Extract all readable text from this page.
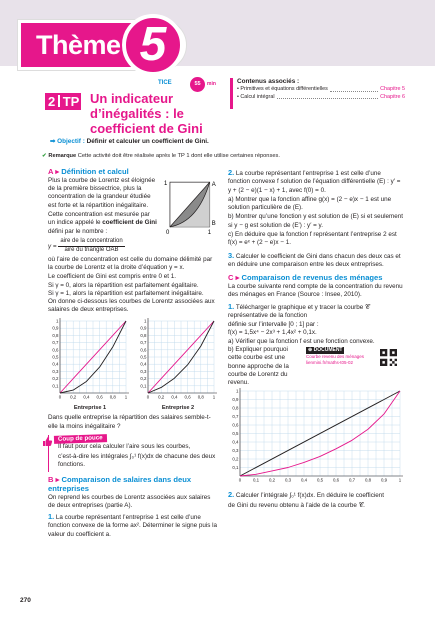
Thème 5
TICE	55	min
2 TP Un indicateur d’inégalités : le coefficient de Gini
Contenus associés :
• Primitives et équations différentielles	Chapitre 5
• Calcul intégral	Chapitre 6
➡ Objectif : Définir et calculer un coefficient de Gini.
✔ Remarque Cette activité doit être réalisée après le TP 1 dont elle utilise certaines réponses.
A ▸ Définition et calcul

Plus la courbe de Lorentz est éloignée de la première bissectrice, plus la concentration de la grandeur étudiée est forte et la répartition inégalitaire.

Cette concentration est mesurée par un indice appelé le coefficient de Gini défini par le nombre :

A
B
0	1
1

$\gamma = \frac{\text{aire de la concentration}}{\text{aire du triangle OAB}}$

où l’aire de concentration est celle du domaine délimité par la courbe de Lorentz et la droite d’équation y = x.

Le coefficient de Gini est compris entre 0 et 1.

Si γ = 0, alors la répartition est parfaitement égalitaire.

Si γ = 1, alors la répartition est parfaitement inégalitaire.

On donne ci-dessous les courbes de Lorentz associées aux salaires de deux entreprises.

0 0,2 0,4 0,6 0,8 1
0,1
0,2
0,3
0,4
0,5
0,6
0,7
0,8
0,9
1
Entreprise 1
0 0,2 0,4 0,6 0,8 1
0,1
0,2
0,3
0,4
0,5
0,6
0,7
0,8
0,9
1
Entreprise 2

Dans quelle entreprise la répartition des salaires semble-t-elle la moins inégalitaire ?

Coup de pouce

Il faut pour cela calculer l’aire sous les courbes,

c’est-à-dire les intégrales ∫₀¹ f(x)dx de chacune des deux fonctions.

B ▸ Comparaison de salaires dans deux entreprises

On reprend les courbes de Lorentz associées aux salaires de deux entreprises (partie A).

1. La courbe représentant l’entreprise 1 est celle d’une fonction convexe de la forme ax². Déterminer le signe puis la valeur du coefficient a.

2. La courbe représentant l’entreprise 1 est celle d’une fonction convexe f solution de l’équation différentielle (E) : y′ = y + (2 − e)(1 − x) + 1, avec f(0) = 0.

a) Montrer que la fonction affine g(x) = (2 − e)x − 1 est une solution particulière de (E).

b) Montrer qu’une fonction y est solution de (E) si et seulement si y − g est solution de (E′) : y′ = y.

c) En déduire que la fonction f représentant l’entreprise 2 est f(x) = eˣ + (2 − e)x − 1.

3. Calculer le coefficient de Gini dans chacun des deux cas et en déduire une comparaison entre les deux entreprises.

C ▸ Comparaison de revenus des ménages

La courbe suivante rend compte de la concentration du revenu des ménages en France (Source : Insee, 2010).

1. Télécharger le graphique et y tracer la courbe 𝒞 représentative de la fonction

définie sur l’intervalle [0 ; 1] par :

f(x) = 1,5x⁴ − 2x³ + 1,4x² + 0,1x.

a) Vérifier que la fonction f est une fonction convexe.

b) Expliquer pourquoi

cette courbe est une

bonne approche de la

courbe de Lorentz du

revenu.

⊕ DOCUMENT
Courbe revenu des ménages lienmini.fr/maths-t05-02
0	0,1 0,2 0,3 0,4 0,5 0,6 0,7 0,8 0,9	1
0,1
0,2
0,3
0,4
0,5
0,6
0,7
0,8
0,9
1

2. Calculer l’intégrale ∫₀¹ f(x)dx. En déduire le coefficient

de Gini du revenu obtenu à l’aide de la courbe 𝒞.

270
